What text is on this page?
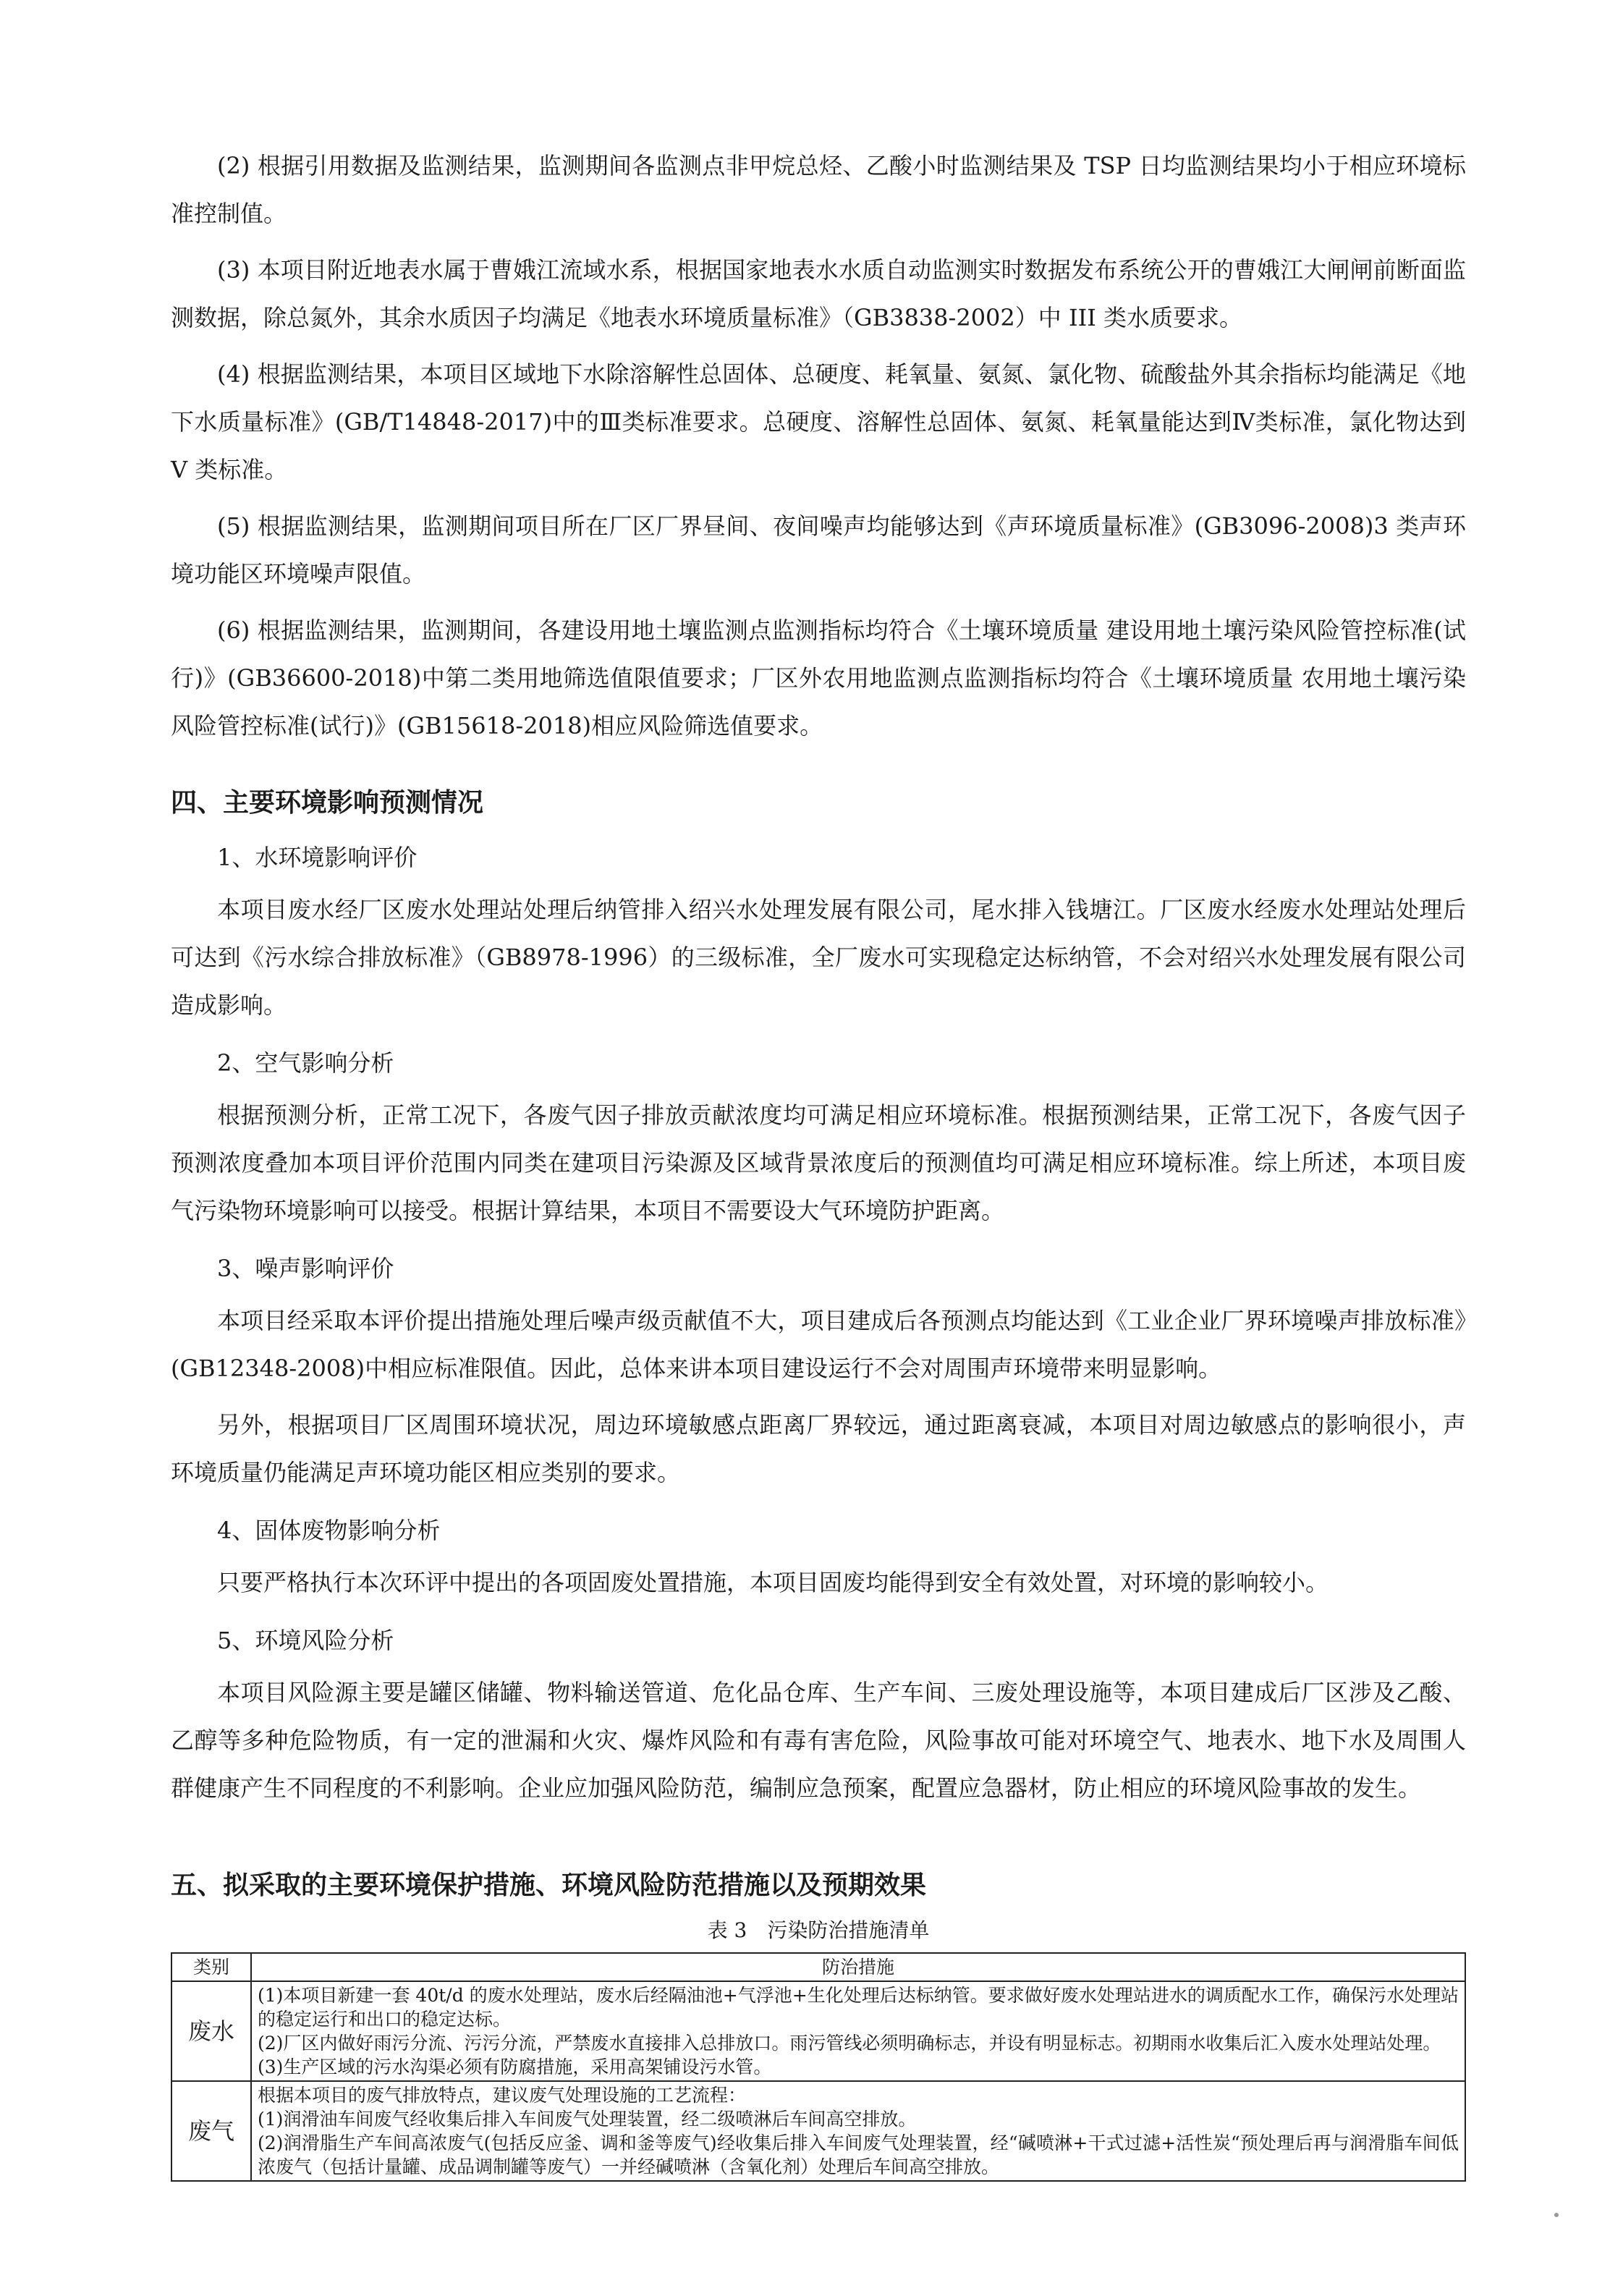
(2) 根据引用数据及监测结果，监测期间各监测点非甲烷总烃、乙酸小时监测结果及 TSP 日均监测结果均小于相应环境标准控制值。

(3) 本项目附近地表水属于曹娥江流域水系，根据国家地表水水质自动监测实时数据发布系统公开的曹娥江大闸闸前断面监测数据，除总氮外，其余水质因子均满足《地表水环境质量标准》（GB3838-2002）中 III 类水质要求。

(4) 根据监测结果，本项目区域地下水除溶解性总固体、总硬度、耗氧量、氨氮、氯化物、硫酸盐外其余指标均能满足《地下水质量标准》(GB/T14848-2017)中的Ⅲ类标准要求。总硬度、溶解性总固体、氨氮、耗氧量能达到Ⅳ类标准，氯化物达到 V 类标准。

(5) 根据监测结果，监测期间项目所在厂区厂界昼间、夜间噪声均能够达到《声环境质量标准》(GB3096-2008)3 类声环境功能区环境噪声限值。

(6) 根据监测结果，监测期间，各建设用地土壤监测点监测指标均符合《土壤环境质量 建设用地土壤污染风险管控标准(试行)》(GB36600-2018)中第二类用地筛选值限值要求；厂区外农用地监测点监测指标均符合《土壤环境质量 农用地土壤污染风险管控标准(试行)》(GB15618-2018)相应风险筛选值要求。

四、主要环境影响预测情况

1、水环境影响评价

本项目废水经厂区废水处理站处理后纳管排入绍兴水处理发展有限公司，尾水排入钱塘江。厂区废水经废水处理站处理后可达到《污水综合排放标准》（GB8978-1996）的三级标准，全厂废水可实现稳定达标纳管，不会对绍兴水处理发展有限公司造成影响。

2、空气影响分析

根据预测分析，正常工况下，各废气因子排放贡献浓度均可满足相应环境标准。根据预测结果，正常工况下，各废气因子预测浓度叠加本项目评价范围内同类在建项目污染源及区域背景浓度后的预测值均可满足相应环境标准。综上所述，本项目废气污染物环境影响可以接受。根据计算结果，本项目不需要设大气环境防护距离。

3、噪声影响评价

本项目经采取本评价提出措施处理后噪声级贡献值不大，项目建成后各预测点均能达到《工业企业厂界环境噪声排放标准》(GB12348-2008)中相应标准限值。因此，总体来讲本项目建设运行不会对周围声环境带来明显影响。

另外，根据项目厂区周围环境状况，周边环境敏感点距离厂界较远，通过距离衰减，本项目对周边敏感点的影响很小，声环境质量仍能满足声环境功能区相应类别的要求。

4、固体废物影响分析

只要严格执行本次环评中提出的各项固废处置措施，本项目固废均能得到安全有效处置，对环境的影响较小。

5、环境风险分析

本项目风险源主要是罐区储罐、物料输送管道、危化品仓库、生产车间、三废处理设施等，本项目建成后厂区涉及乙酸、乙醇等多种危险物质，有一定的泄漏和火灾、爆炸风险和有毒有害危险，风险事故可能对环境空气、地表水、地下水及周围人群健康产生不同程度的不利影响。企业应加强风险防范，编制应急预案，配置应急器材，防止相应的环境风险事故的发生。

五、拟采取的主要环境保护措施、环境风险防范措施以及预期效果

表 3　污染防治措施清单

类别	防治措施
废水	(1)本项目新建一套 40t/d 的废水处理站，废水后经隔油池+气浮池+生化处理后达标纳管。要求做好废水处理站进水的调质配水工作，确保污水处理站的稳定运行和出口的稳定达标。
(2)厂区内做好雨污分流、污污分流，严禁废水直接排入总排放口。雨污管线必须明确标志，并设有明显标志。初期雨水收集后汇入废水处理站处理。
(3)生产区域的污水沟渠必须有防腐措施，采用高架铺设污水管。

废气	根据本项目的废气排放特点，建议废气处理设施的工艺流程：
(1)润滑油车间废气经收集后排入车间废气处理装置，经二级喷淋后车间高空排放。
(2)润滑脂生产车间高浓废气(包括反应釜、调和釜等废气)经收集后排入车间废气处理装置，经“碱喷淋+干式过滤+活性炭“预处理后再与润滑脂车间低浓废气（包括计量罐、成品调制罐等废气）一并经碱喷淋（含氧化剂）处理后车间高空排放。
